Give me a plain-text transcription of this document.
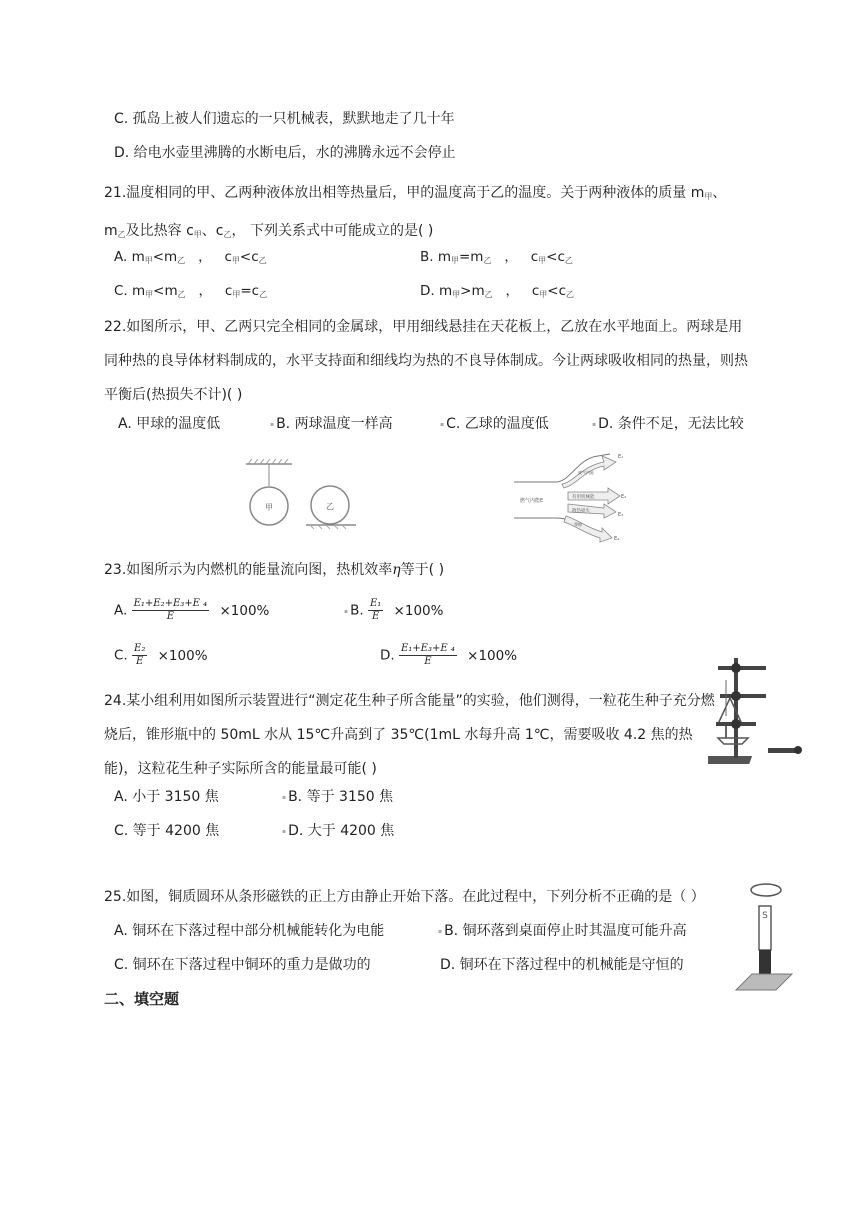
C. 孤岛上被人们遗忘的一只机械表，默默地走了几十年
D. 给电水壶里沸腾的水断电后，水的沸腾永远不会停止
21.温度相同的甲、乙两种液体放出相等热量后，甲的温度高于乙的温度。关于两种液体的质量 $m_甲$、
$m_乙$及比热容 $c_甲$、$c_乙$， 下列关系式中可能成立的是( )
A. $m_甲<m_乙$ ， $c_甲<c_乙$	B. $m_甲=m_乙$ ， $c_甲<c_乙$
C. $m_甲<m_乙$ ， $c_甲=c_乙$	D. $m_甲>m_乙$ ， $c_甲<c_乙$
22.如图所示，甲、乙两只完全相同的金属球，甲用细线悬挂在天花板上，乙放在水平地面上。两球是用同种热的良导体材料制成的，水平支持面和细线均为热的不良导体制成。今让两球吸收相同的热量，则热平衡后(热损失不计)( )
A. 甲球的温度低	▪ B. 两球温度一样高	▪ C. 乙球的温度低	▪ D. 条件不足，无法比较
甲	乙
燃气内能E
废气内能
有用机械能
散热损失
摩擦
E₁
E₂
E₃
E₄
23.如图所示为内燃机的能量流向图，热机效率η等于( )
A. $\frac{\text{E₁+E₂+E₃+E ₄}}{E} \times 100\%$	▪ B. $\frac{\text{E₁}}{E} \times 100\%$
C. $\frac{\text{E₂}}{E} \times 100\%$	D. $\frac{\text{E₁+E₃+E ₄}}{E} \times 100\%$
24.某小组利用如图所示装置进行“测定花生种子所含能量”的实验，他们测得，一粒花生种子充分燃烧后，锥形瓶中的 50mL 水从 15℃升高到了 35℃(1mL 水每升高 1℃，需要吸收 4.2 焦的热能)，这粒花生种子实际所含的能量最可能( )
A. 小于 3150 焦	▪ B. 等于 3150 焦
C. 等于 4200 焦	▪ D. 大于 4200 焦
S
25.如图，铜质圆环从条形磁铁的正上方由静止开始下落。在此过程中，下列分析不正确的是（ ）
A. 铜环在下落过程中部分机械能转化为电能	▪ B. 铜环落到桌面停止时其温度可能升高
C. 铜环在下落过程中铜环的重力是做功的	D. 铜环在下落过程中的机械能是守恒的
二、填空题
